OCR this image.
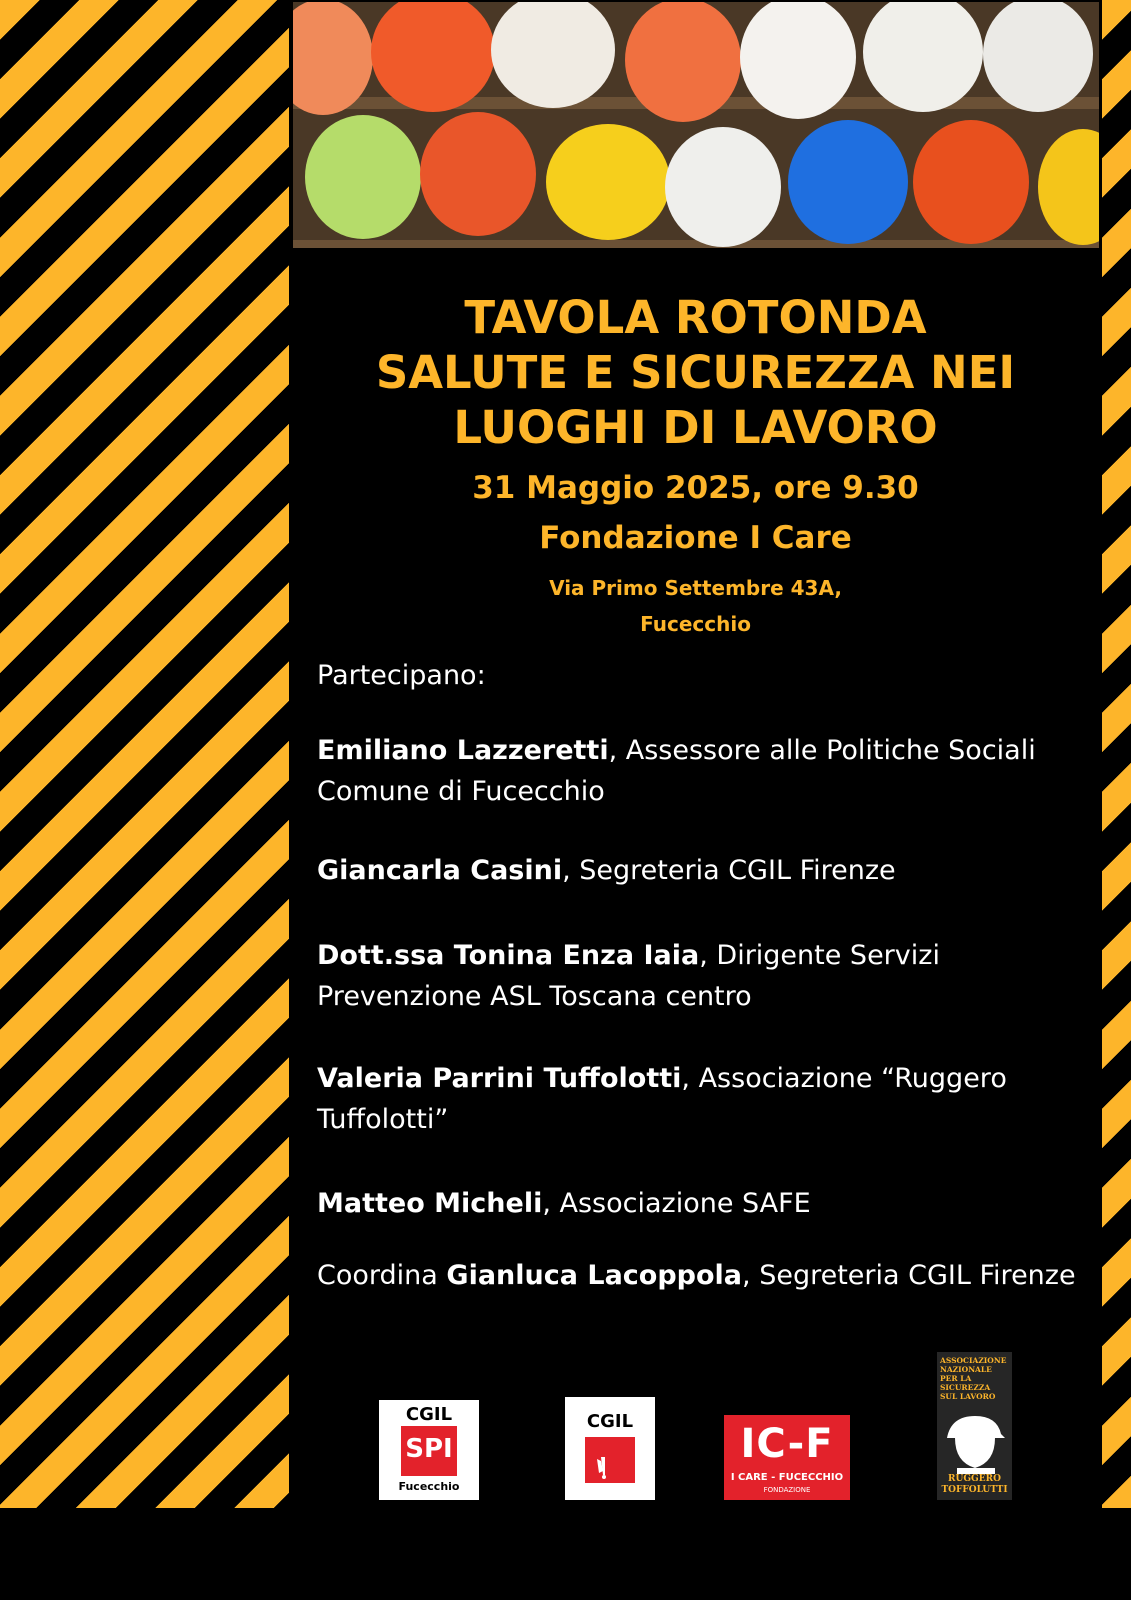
TAVOLA ROTONDA
SALUTE E SICUREZZA NEI
LUOGHI DI LAVORO
31 Maggio 2025, ore 9.30
Fondazione I Care
Via Primo Settembre 43A,
Fucecchio
Partecipano:
Emiliano Lazzeretti, Assessore alle Politiche Sociali Comune di Fucecchio
Giancarla Casini, Segreteria CGIL Firenze
Dott.ssa Tonina Enza Iaia, Dirigente Servizi Prevenzione ASL Toscana centro
Valeria Parrini Tuffolotti, Associazione “Ruggero Tuffolotti”
Matteo Micheli, Associazione SAFE
Coordina Gianluca Lacoppola, Segreteria CGIL Firenze
CGIL
SPI
Fucecchio
CGIL	IC-F
I CARE - FUCECCHIO
FONDAZIONE
ASSOCIAZIONE
NAZIONALE
PER LA
SICUREZZA
SUL LAVORO
RUGGERO
TOFFOLUTTI
